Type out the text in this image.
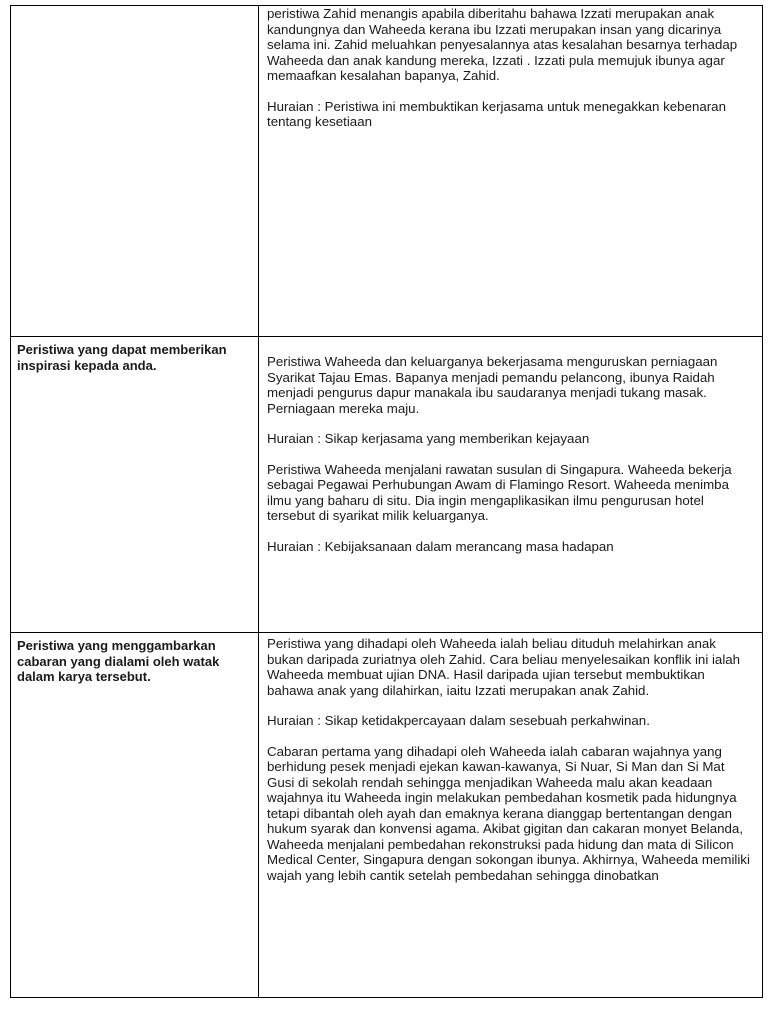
	peristiwa Zahid menangis apabila diberitahu bahawa Izzati merupakan anak kandungnya dan Waheeda kerana ibu Izzati merupakan insan yang dicarinya selama ini. Zahid meluahkan penyesalannya atas kesalahan besarnya terhadap Waheeda dan anak kandung mereka, Izzati . Izzati pula memujuk ibunya agar memaafkan kesalahan bapanya, Zahid.

Huraian : Peristiwa ini membuktikan kerjasama untuk menegakkan kebenaran tentang kesetiaan

Peristiwa yang dapat memberikan inspirasi kepada anda.	Peristiwa Waheeda dan keluarganya bekerjasama menguruskan perniagaan Syarikat Tajau Emas. Bapanya menjadi pemandu pelancong, ibunya Raidah menjadi pengurus dapur manakala ibu saudaranya menjadi tukang masak. Perniagaan mereka maju.

Huraian : Sikap kerjasama yang memberikan kejayaan

Peristiwa Waheeda menjalani rawatan susulan di Singapura. Waheeda bekerja sebagai Pegawai Perhubungan Awam di Flamingo Resort. Waheeda menimba ilmu yang baharu di situ. Dia ingin mengaplikasikan ilmu pengurusan hotel tersebut di syarikat milik keluarganya.

Huraian : Kebijaksanaan dalam merancang masa hadapan

Peristiwa yang menggambarkan cabaran yang dialami oleh watak dalam karya tersebut.	Peristiwa yang dihadapi oleh Waheeda ialah beliau dituduh melahirkan anak bukan daripada zuriatnya oleh Zahid. Cara beliau menyelesaikan konflik ini ialah Waheeda membuat ujian DNA. Hasil daripada ujian tersebut membuktikan bahawa anak yang dilahirkan, iaitu Izzati merupakan anak Zahid.

Huraian : Sikap ketidakpercayaan dalam sesebuah perkahwinan.

Cabaran pertama yang dihadapi oleh Waheeda ialah cabaran wajahnya yang berhidung pesek menjadi ejekan kawan-kawanya, Si Nuar, Si Man dan Si Mat Gusi di sekolah rendah sehingga menjadikan Waheeda malu akan keadaan wajahnya itu Waheeda ingin melakukan pembedahan kosmetik pada hidungnya tetapi dibantah oleh ayah dan emaknya kerana dianggap bertentangan dengan hukum syarak dan konvensi agama. Akibat gigitan dan cakaran monyet Belanda, Waheeda menjalani pembedahan rekonstruksi pada hidung dan mata di Silicon Medical Center, Singapura dengan sokongan ibunya. Akhirnya, Waheeda memiliki wajah yang lebih cantik setelah pembedahan sehingga dinobatkan
